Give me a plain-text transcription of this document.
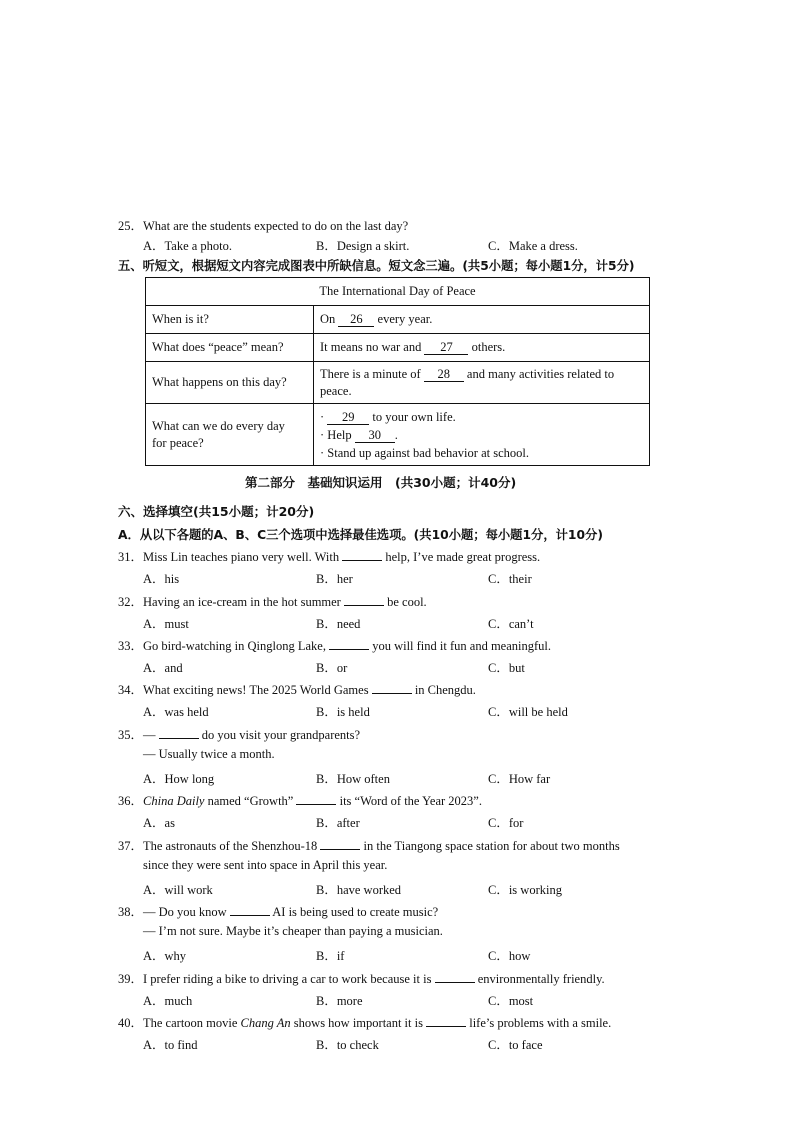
25．What are the students expected to do on the last day?
A．Take a photo.	B．Design a skirt.	C．Make a dress.
五、听短文，根据短文内容完成图表中所缺信息。短文念三遍。(共5小题；每小题1分，计5分)
The International Day of Peace	
When is it?	On 26 every year.
What does “peace” mean?	It means no war and 27 others.
What happens on this day?	There is a minute of 28 and many activities related to
peace.
What can we do every day
for peace?	· 29 to your own life.
· Help 30 .
· Stand up against bad behavior at school.
第二部分　基础知识运用　(共30小题；计40分)
六、选择填空(共15小题；计20分)
A．从以下各题的A、B、C三个选项中选择最佳选项。(共10小题；每小题1分，计10分)
31．Miss Lin teaches piano very well. With	help, I’ve made great progress.
A．his	B．her	C．their
32．Having an ice-cream in the hot summer	be cool.
A．must	B．need	C．can’t
33．Go bird-watching in Qinglong Lake,	you will find it fun and meaningful.
A．and	B．or	C．but
34．What exciting news! The 2025 World Games	in Chengdu.
A．was held	B．is held	C．will be held
35．—	do you visit your grandparents?
— Usually twice a month.
A．How long	B．How often	C．How far
36．China Daily named “Growth”	its “Word of the Year 2023”.
A．as	B．after	C．for
37．The astronauts of the Shenzhou-18	in the Tiangong space station for about two months
since they were sent into space in April this year.
A．will work	B．have worked	C．is working
38．— Do you know	AI is being used to create music?
— I’m not sure. Maybe it’s cheaper than paying a musician.
A．why	B．if	C．how
39．I prefer riding a bike to driving a car to work because it is	environmentally friendly.
A．much	B．more	C．most
40．The cartoon movie Chang An shows how important it is	life’s problems with a smile.
A．to find	B．to check	C．to face
